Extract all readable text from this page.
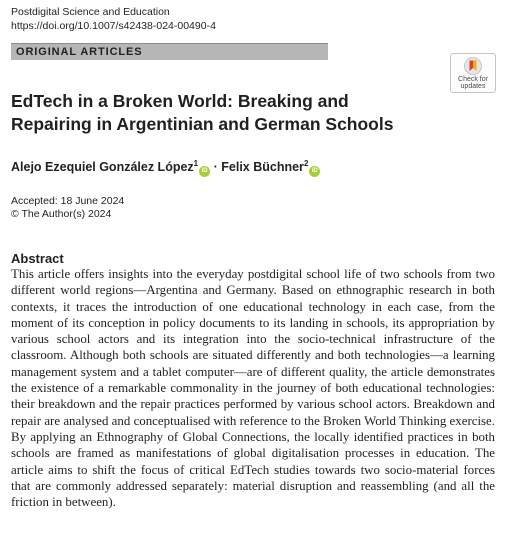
Postdigital Science and Education
https://doi.org/10.1007/s42438-024-00490-4
ORIGINAL ARTICLES
Check for
updates
EdTech in a Broken World: Breaking and Repairing in Argentinian and German Schools
Alejo Ezequiel González López$^1$iD · Felix Büchner$^2$iD
Accepted: 18 June 2024
© The Author(s) 2024
Abstract
This article offers insights into the everyday postdigital school life of two schools from two different world regions—Argentina and Germany. Based on ethnographic research in both contexts, it traces the introduction of one educational technology in each case, from the moment of its conception in policy documents to its landing in schools, its appropriation by various school actors and its integration into the socio-technical infrastructure of the classroom. Although both schools are situated differently and both technologies—a learning management system and a tablet computer—are of different quality, the article demonstrates the existence of a remarkable commonality in the journey of both educational technologies: their breakdown and the repair practices performed by various school actors. Breakdown and repair are analysed and conceptualised with reference to the Broken World Thinking exercise. By applying an Ethnography of Global Connections, the locally identified practices in both schools are framed as manifestations of global digitalisation processes in education. The article aims to shift the focus of critical EdTech studies towards two socio-material forces that are commonly addressed separately: material disruption and reassembling (and all the friction in between).
